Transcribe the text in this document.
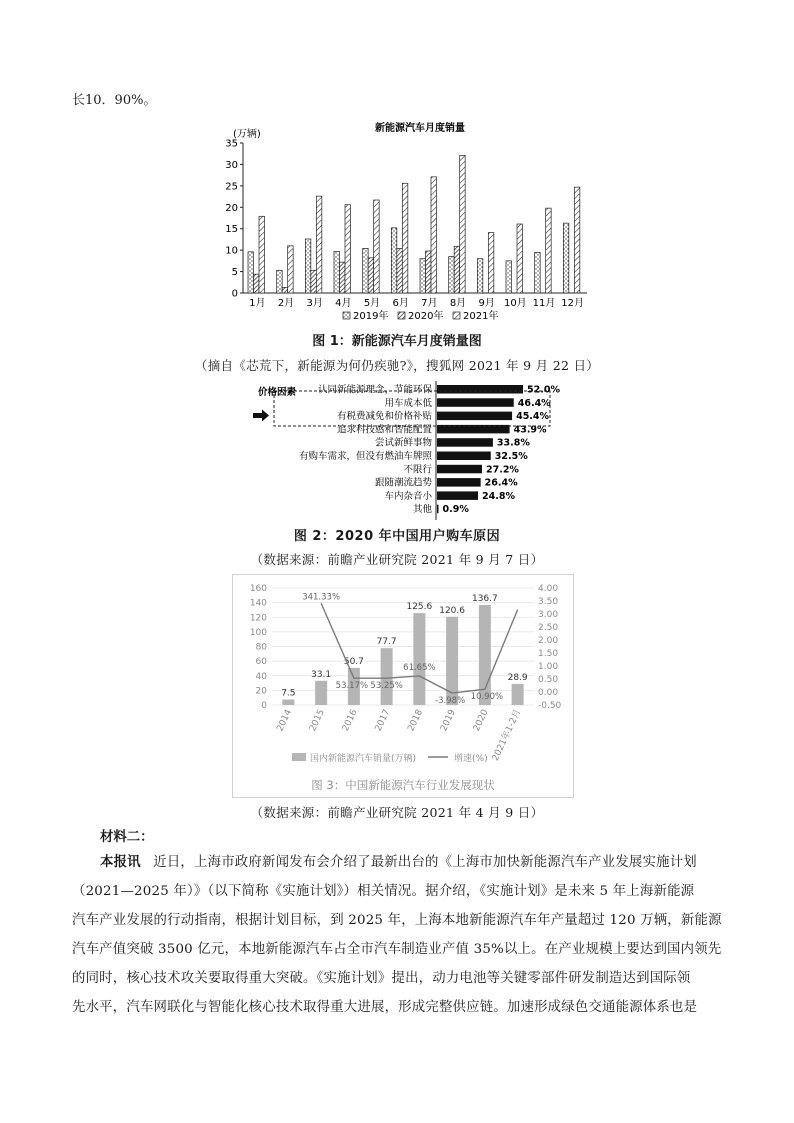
长10．90%。
新能源汽车月度销量
(万辆)
0
5
10
15
20
25
30
35
1月 2月 3月 4月 5月 6月 7月 8月 9月 10月 11月 12月
2019年 2020年 2021年
图 1：新能源汽车月度销量图
（摘自《芯荒下，新能源为何仍疾驰?》，搜狐网 2021 年 9 月 22 日）
认同新能源理念，节能环保	52.0%
用车成本低	46.4%
有税费减免和价格补贴	45.4%
追求科技感和智能配置	43.9%
尝试新鲜事物	33.8%
有购车需求，但没有燃油车牌照	32.5%
不限行	27.2%
跟随潮流趋势	26.4%
车内杂音小	24.8%
其他 0.9%
价格因素
图 2：2020 年中国用户购车原因
（数据来源：前瞻产业研究院 2021 年 9 月 7 日）
0
20
40
60
80
100
120
140
160
-0.50
0.00
0.50
1.00
1.50
2.00
2.50
3.00
3.50
4.00
2014 2015 2016 2017 2018 2019 2020 2021年1-2月
7.5
33.1
50.7
77.7
125.6 120.6
136.7
28.9
341.33%
53.17% 53.25%
61.65%
-3.98% 10.90%
国内新能源汽车销量(万辆)	增速(%)
图 3：中国新能源汽车行业发展现状
（数据来源：前瞻产业研究院 2021 年 4 月 9 日）
材料二：

本报讯 近日，上海市政府新闻发布会介绍了最新出台的《上海市加快新能源汽车产业发展实施计划

（2021—2025 年）》（以下简称《实施计划》）相关情况。据介绍，《实施计划》是未来 5 年上海新能源

汽车产业发展的行动指南，根据计划目标，到 2025 年，上海本地新能源汽车年产量超过 120 万辆，新能源

汽车产值突破 3500 亿元，本地新能源汽车占全市汽车制造业产值 35%以上。在产业规模上要达到国内领先

的同时，核心技术攻关要取得重大突破。《实施计划》提出，动力电池等关键零部件研发制造达到国际领

先水平，汽车网联化与智能化核心技术取得重大进展，形成完整供应链。加速形成绿色交通能源体系也是
